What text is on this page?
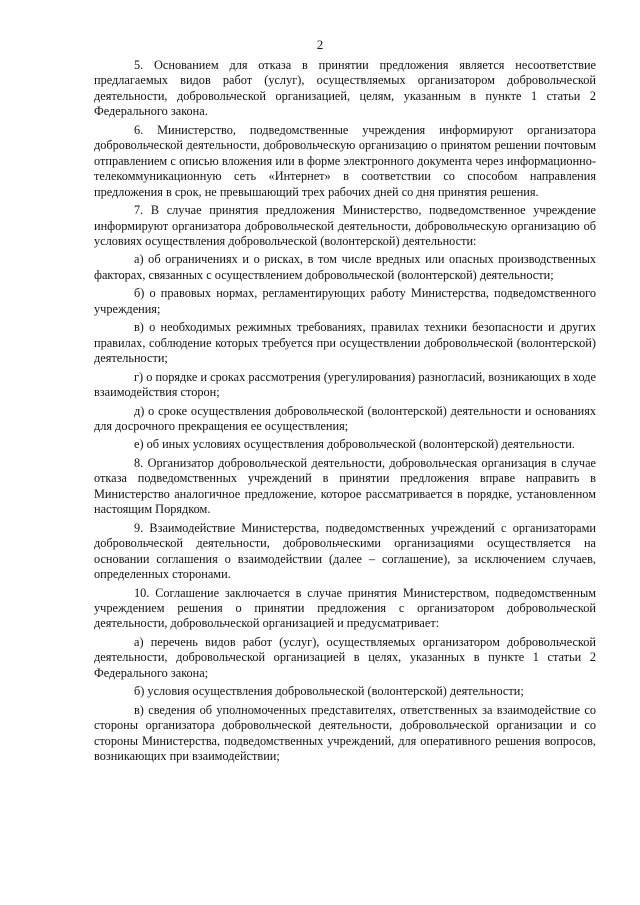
2

5. Основанием для отказа в принятии предложения является несоответствие предлагаемых видов работ (услуг), осуществляемых организатором добровольческой деятельности, добровольческой организацией, целям, указанным в пункте 1 статьи 2 Федерального закона.

6. Министерство, подведомственные учреждения информируют организатора добровольческой деятельности, добровольческую организацию о принятом решении почтовым отправлением с описью вложения или в форме электронного документа через информационно-телекоммуникационную сеть «Интернет» в соответствии со способом направления предложения в срок, не превышающий трех рабочих дней со дня принятия решения.

7. В случае принятия предложения Министерство, подведомственное учреждение информируют организатора добровольческой деятельности, добровольческую организацию об условиях осуществления добровольческой (волонтерской) деятельности:

а) об ограничениях и о рисках, в том числе вредных или опасных производственных факторах, связанных с осуществлением добровольческой (волонтерской) деятельности;

б) о правовых нормах, регламентирующих работу Министерства, подведомственного учреждения;

в) о необходимых режимных требованиях, правилах техники безопасности и других правилах, соблюдение которых требуется при осуществлении добровольческой (волонтерской) деятельности;

г) о порядке и сроках рассмотрения (урегулирования) разногласий, возникающих в ходе взаимодействия сторон;

д) о сроке осуществления добровольческой (волонтерской) деятельности и основаниях для досрочного прекращения ее осуществления;

е) об иных условиях осуществления добровольческой (волонтерской) деятельности.

8. Организатор добровольческой деятельности, добровольческая организация в случае отказа подведомственных учреждений в принятии предложения вправе направить в Министерство аналогичное предложение, которое рассматривается в порядке, установленном настоящим Порядком.

9. Взаимодействие Министерства, подведомственных учреждений с организаторами добровольческой деятельности, добровольческими организациями осуществляется на основании соглашения о взаимодействии (далее – соглашение), за исключением случаев, определенных сторонами.

10. Соглашение заключается в случае принятия Министерством, подведомственным учреждением решения о принятии предложения с организатором добровольческой деятельности, добровольческой организацией и предусматривает:

а) перечень видов работ (услуг), осуществляемых организатором добровольческой деятельности, добровольческой организацией в целях, указанных в пункте 1 статьи 2 Федерального закона;

б) условия осуществления добровольческой (волонтерской) деятельности;

в) сведения об уполномоченных представителях, ответственных за взаимодействие со стороны организатора добровольческой деятельности, добровольческой организации и со стороны Министерства, подведомственных учреждений, для оперативного решения вопросов, возникающих при взаимодействии;
